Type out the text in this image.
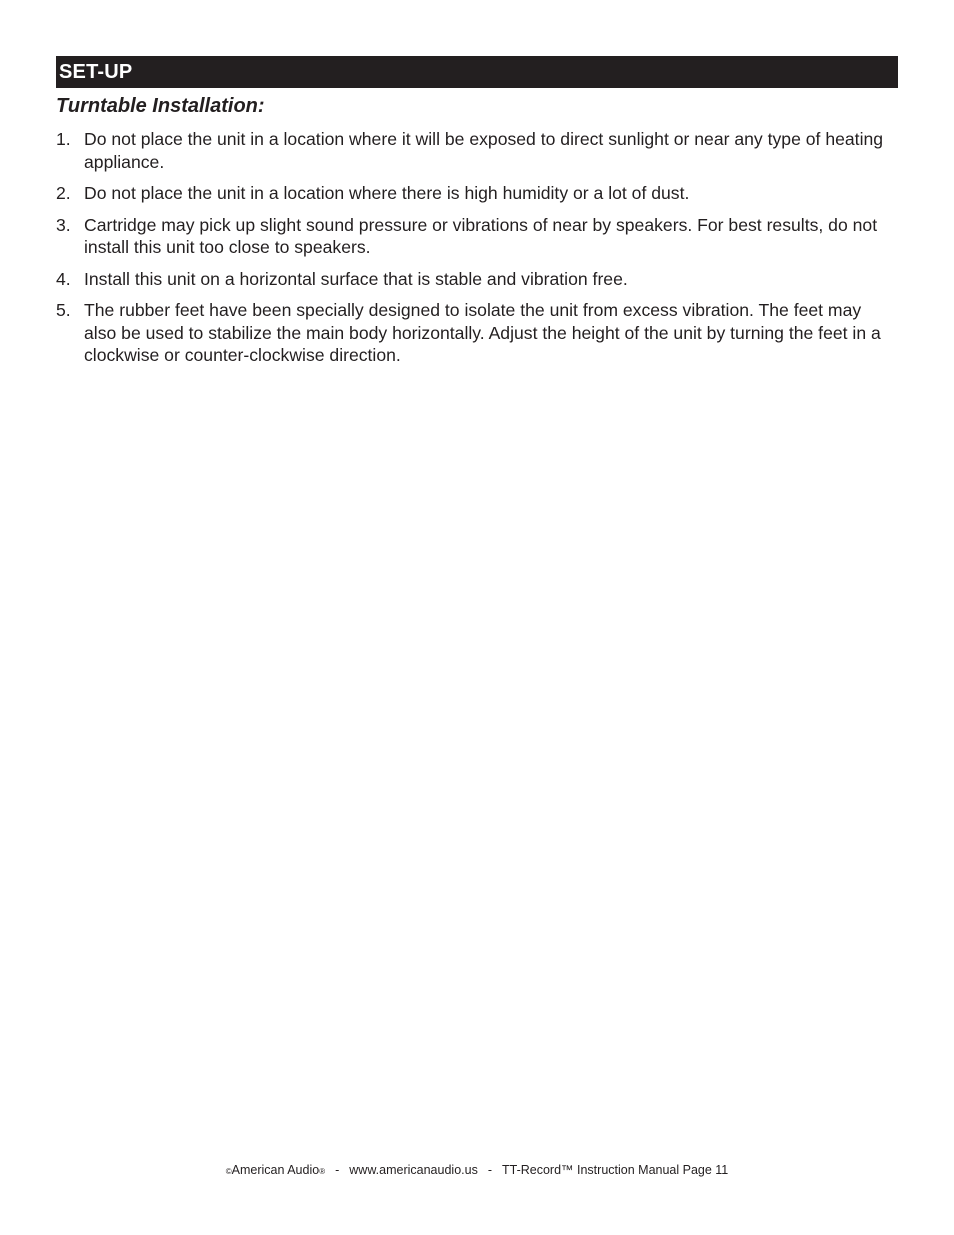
SET-UP
Turntable Installation:
1. Do not place the unit in a location where it will be exposed to direct sunlight or near any type of heating appliance.
2. Do not place the unit in a location where there is high humidity or a lot of dust.
3. Cartridge may pick up slight sound pressure or vibrations of near by speakers. For best results, do not install this unit too close to speakers.
4. Install this unit on a horizontal surface that is stable and vibration free.
5. The rubber feet have been specially designed to isolate the unit from excess vibration. The feet may also be used to stabilize the main body horizontally. Adjust the height of the unit by turning the feet in a clockwise or counter-clockwise direction.
©American Audio® - www.americanaudio.us - TT-Record™ Instruction Manual Page 11
